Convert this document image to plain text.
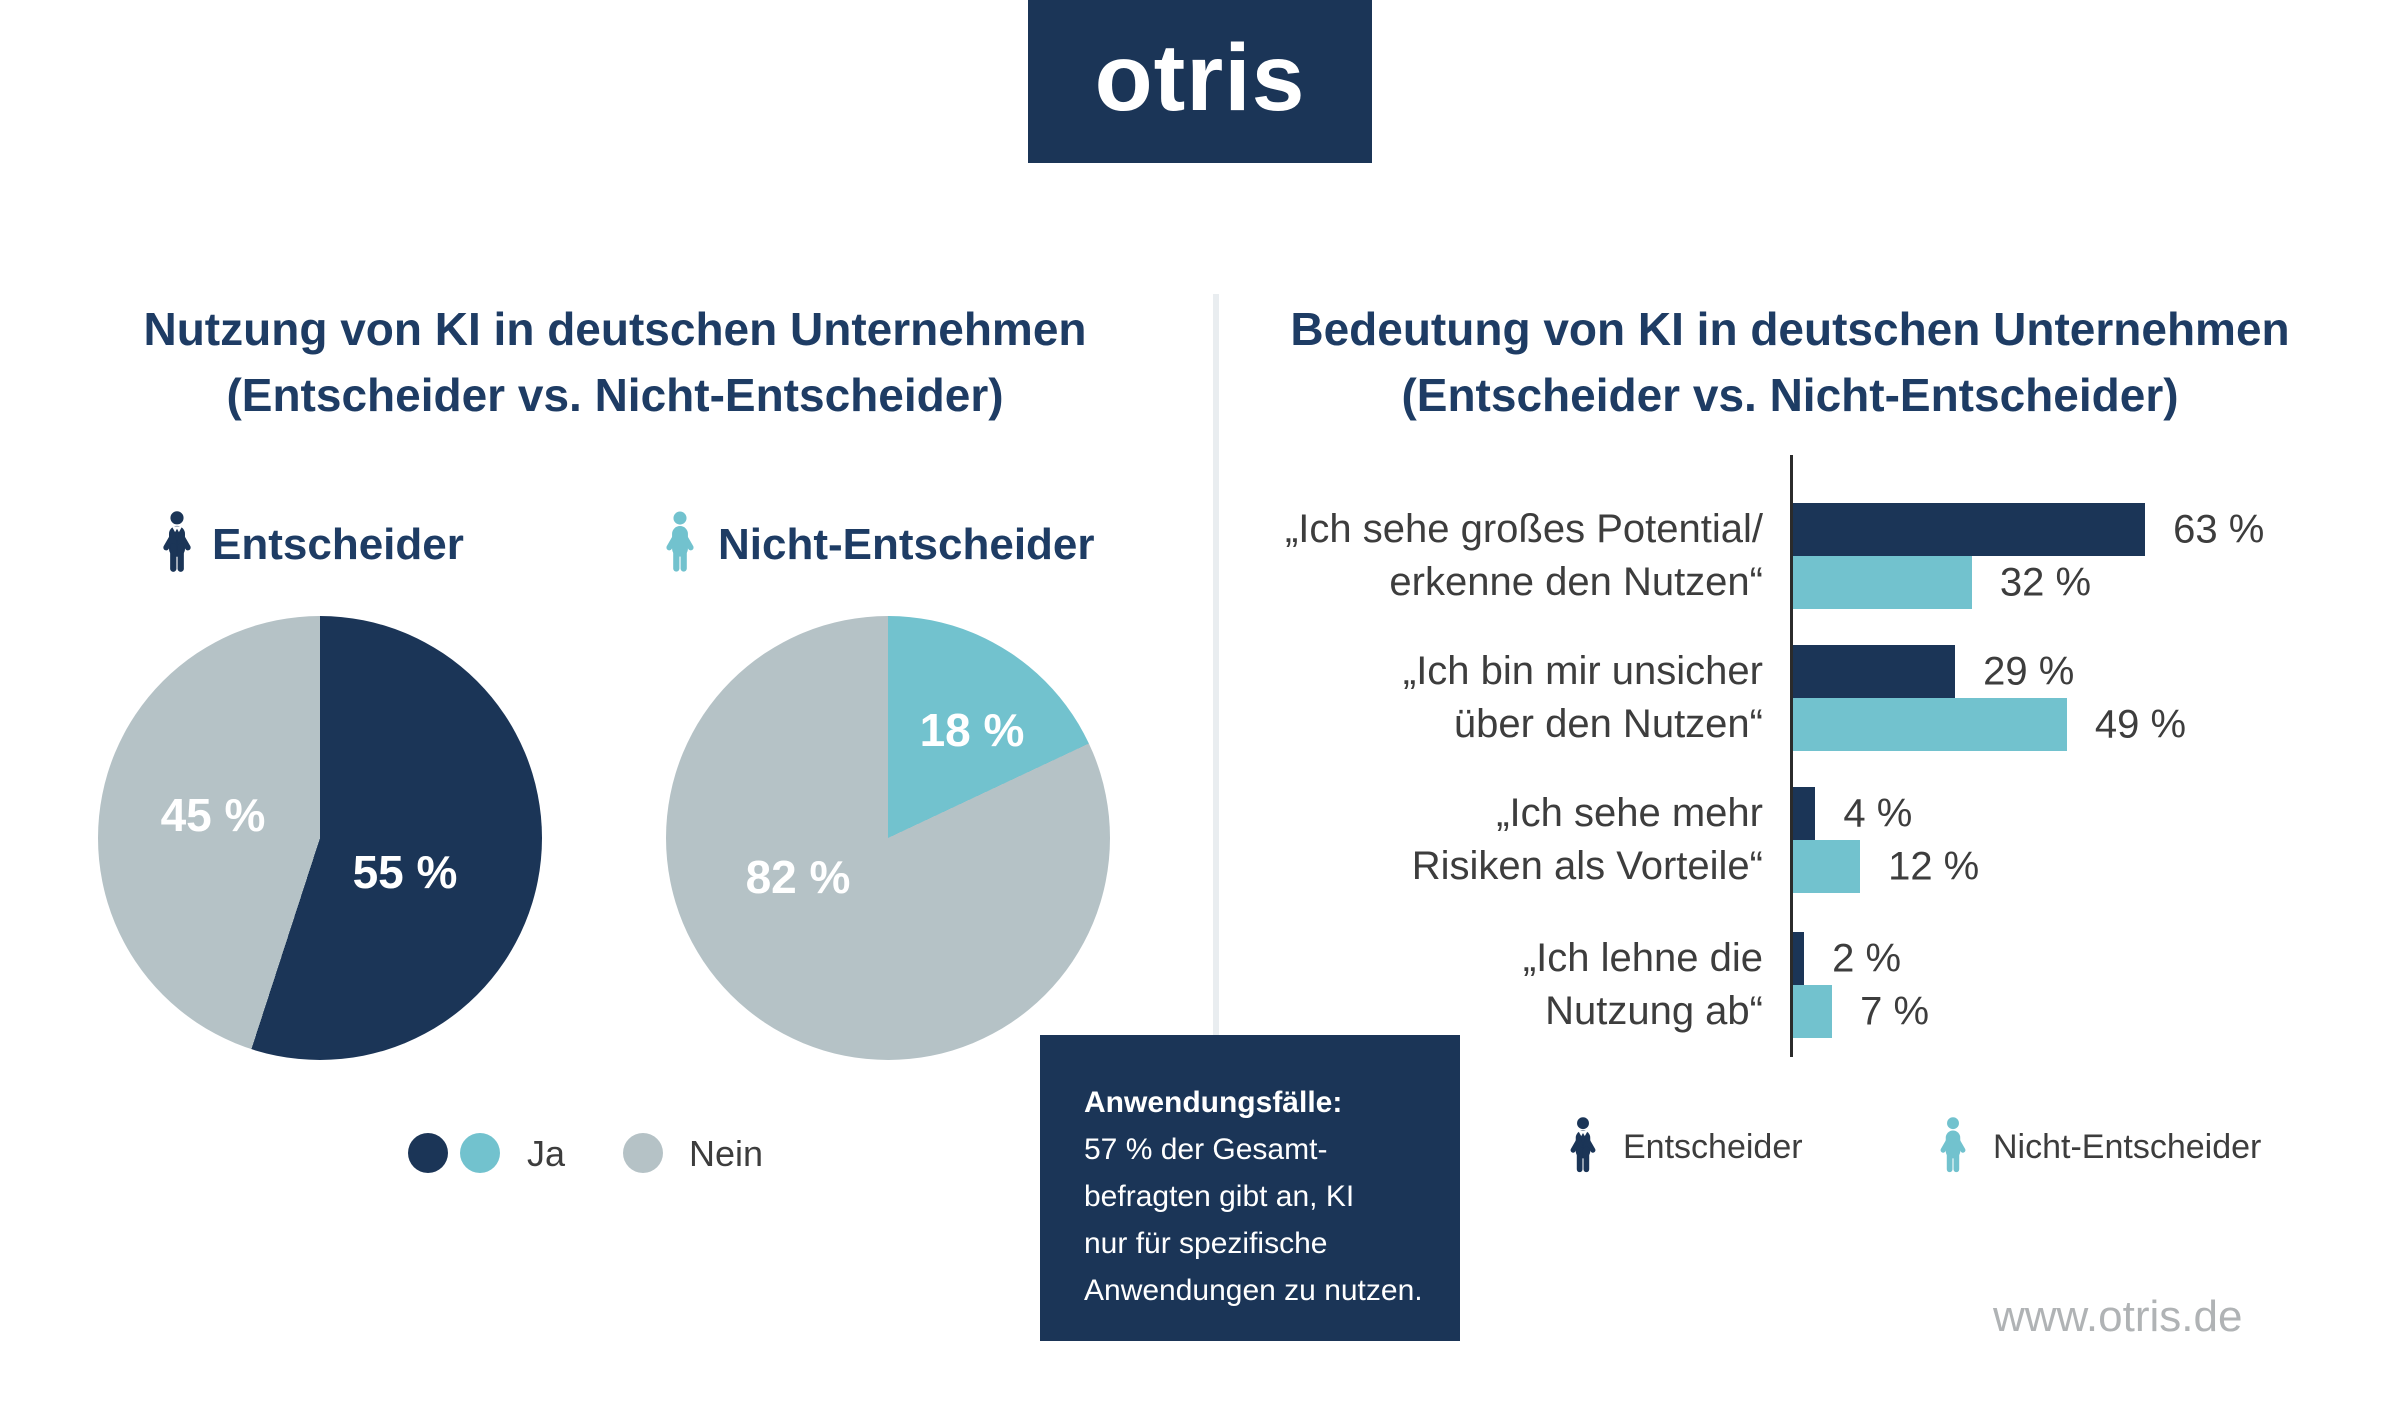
otris
Nutzung von KI in deutschen Unternehmen
(Entscheider vs. Nicht-Entscheider)
Bedeutung von KI in deutschen Unternehmen
(Entscheider vs. Nicht-Entscheider)
Entscheider	Nicht-Entscheider
45 %
55 %
18 %
82 %
Ja	Nein
„Ich sehe großes Potential/
erkenne den Nutzen“
63 %
32 %
„Ich bin mir unsicher
über den Nutzen“
29 %
49 %
„Ich sehe mehr
Risiken als Vorteile“
4 %
12 %
„Ich lehne die
Nutzung ab“
2 %
7 %
Entscheider	Nicht-Entscheider
Anwendungsfälle:
57 % der Gesamt-
befragten gibt an, KI
nur für spezifische
Anwendungen zu nutzen.
www.otris.de
